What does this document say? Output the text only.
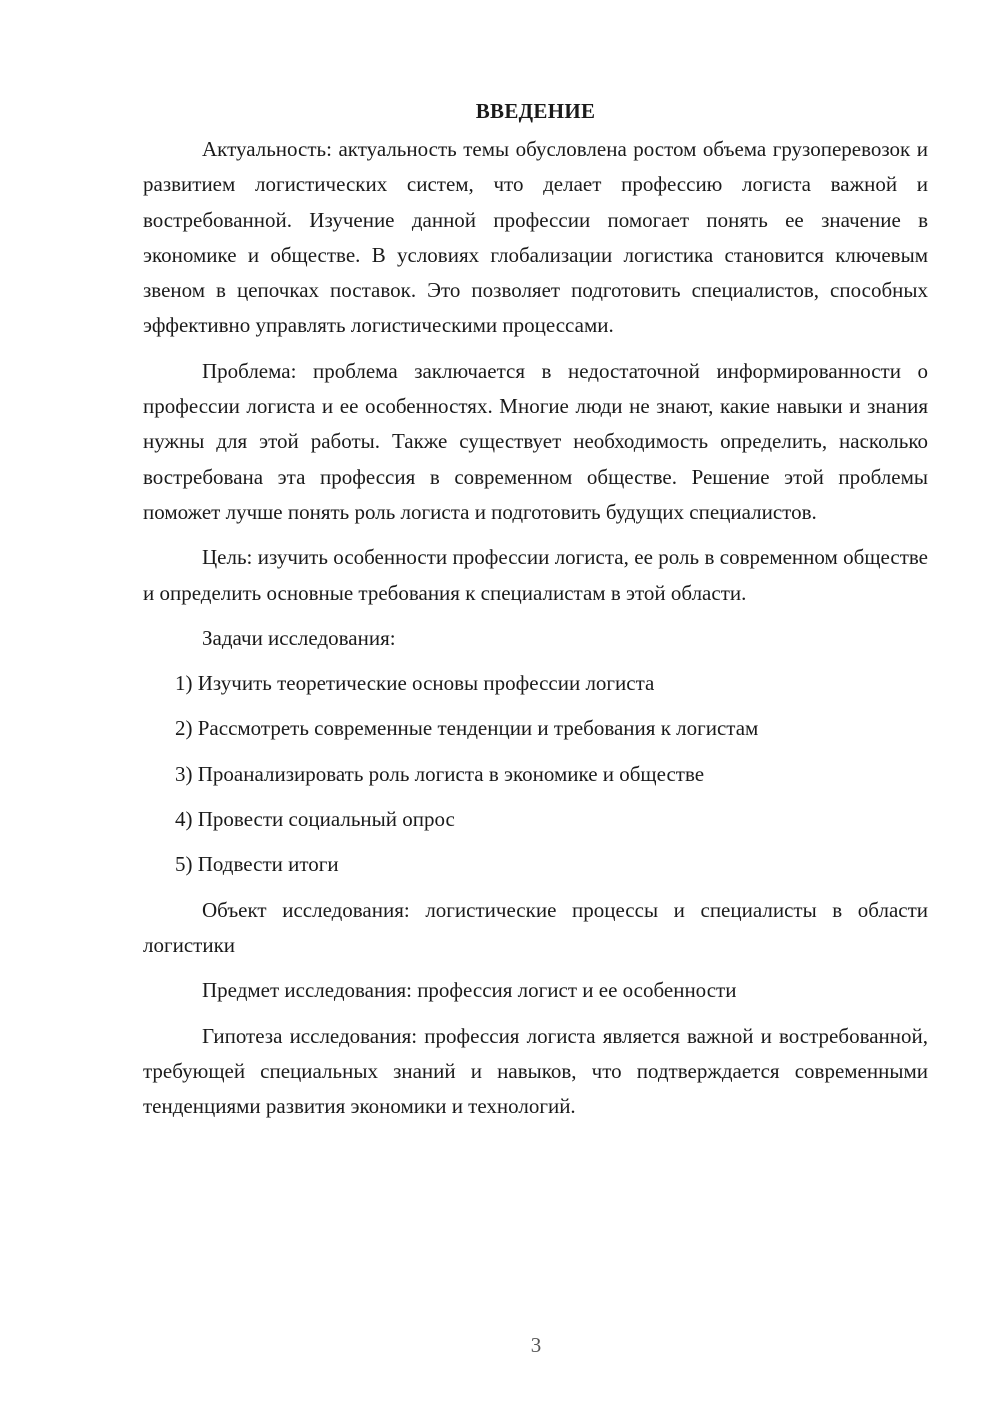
ВВЕДЕНИЕ

Актуальность: актуальность темы обусловлена ростом объема грузоперевозок и развитием логистических систем, что делает профессию логиста важной и востребованной. Изучение данной профессии помогает понять ее значение в экономике и обществе. В условиях глобализации логистика становится ключевым звеном в цепочках поставок. Это позволяет подготовить специалистов, способных эффективно управлять логистическими процессами.

Проблема: проблема заключается в недостаточной информированности о профессии логиста и ее особенностях. Многие люди не знают, какие навыки и знания нужны для этой работы. Также существует необходимость определить, насколько востребована эта профессия в современном обществе. Решение этой проблемы поможет лучше понять роль логиста и подготовить будущих специалистов.

Цель: изучить особенности профессии логиста, ее роль в современном обществе и определить основные требования к специалистам в этой области.

Задачи исследования:

1) Изучить теоретические основы профессии логиста
2) Рассмотреть современные тенденции и требования к логистам
3) Проанализировать роль логиста в экономике и обществе
4) Провести социальный опрос
5) Подвести итоги

Объект исследования: логистические процессы и специалисты в области логистики

Предмет исследования: профессия логист и ее особенности

Гипотеза исследования: профессия логиста является важной и востребованной, требующей специальных знаний и навыков, что подтверждается современными тенденциями развития экономики и технологий.

3
